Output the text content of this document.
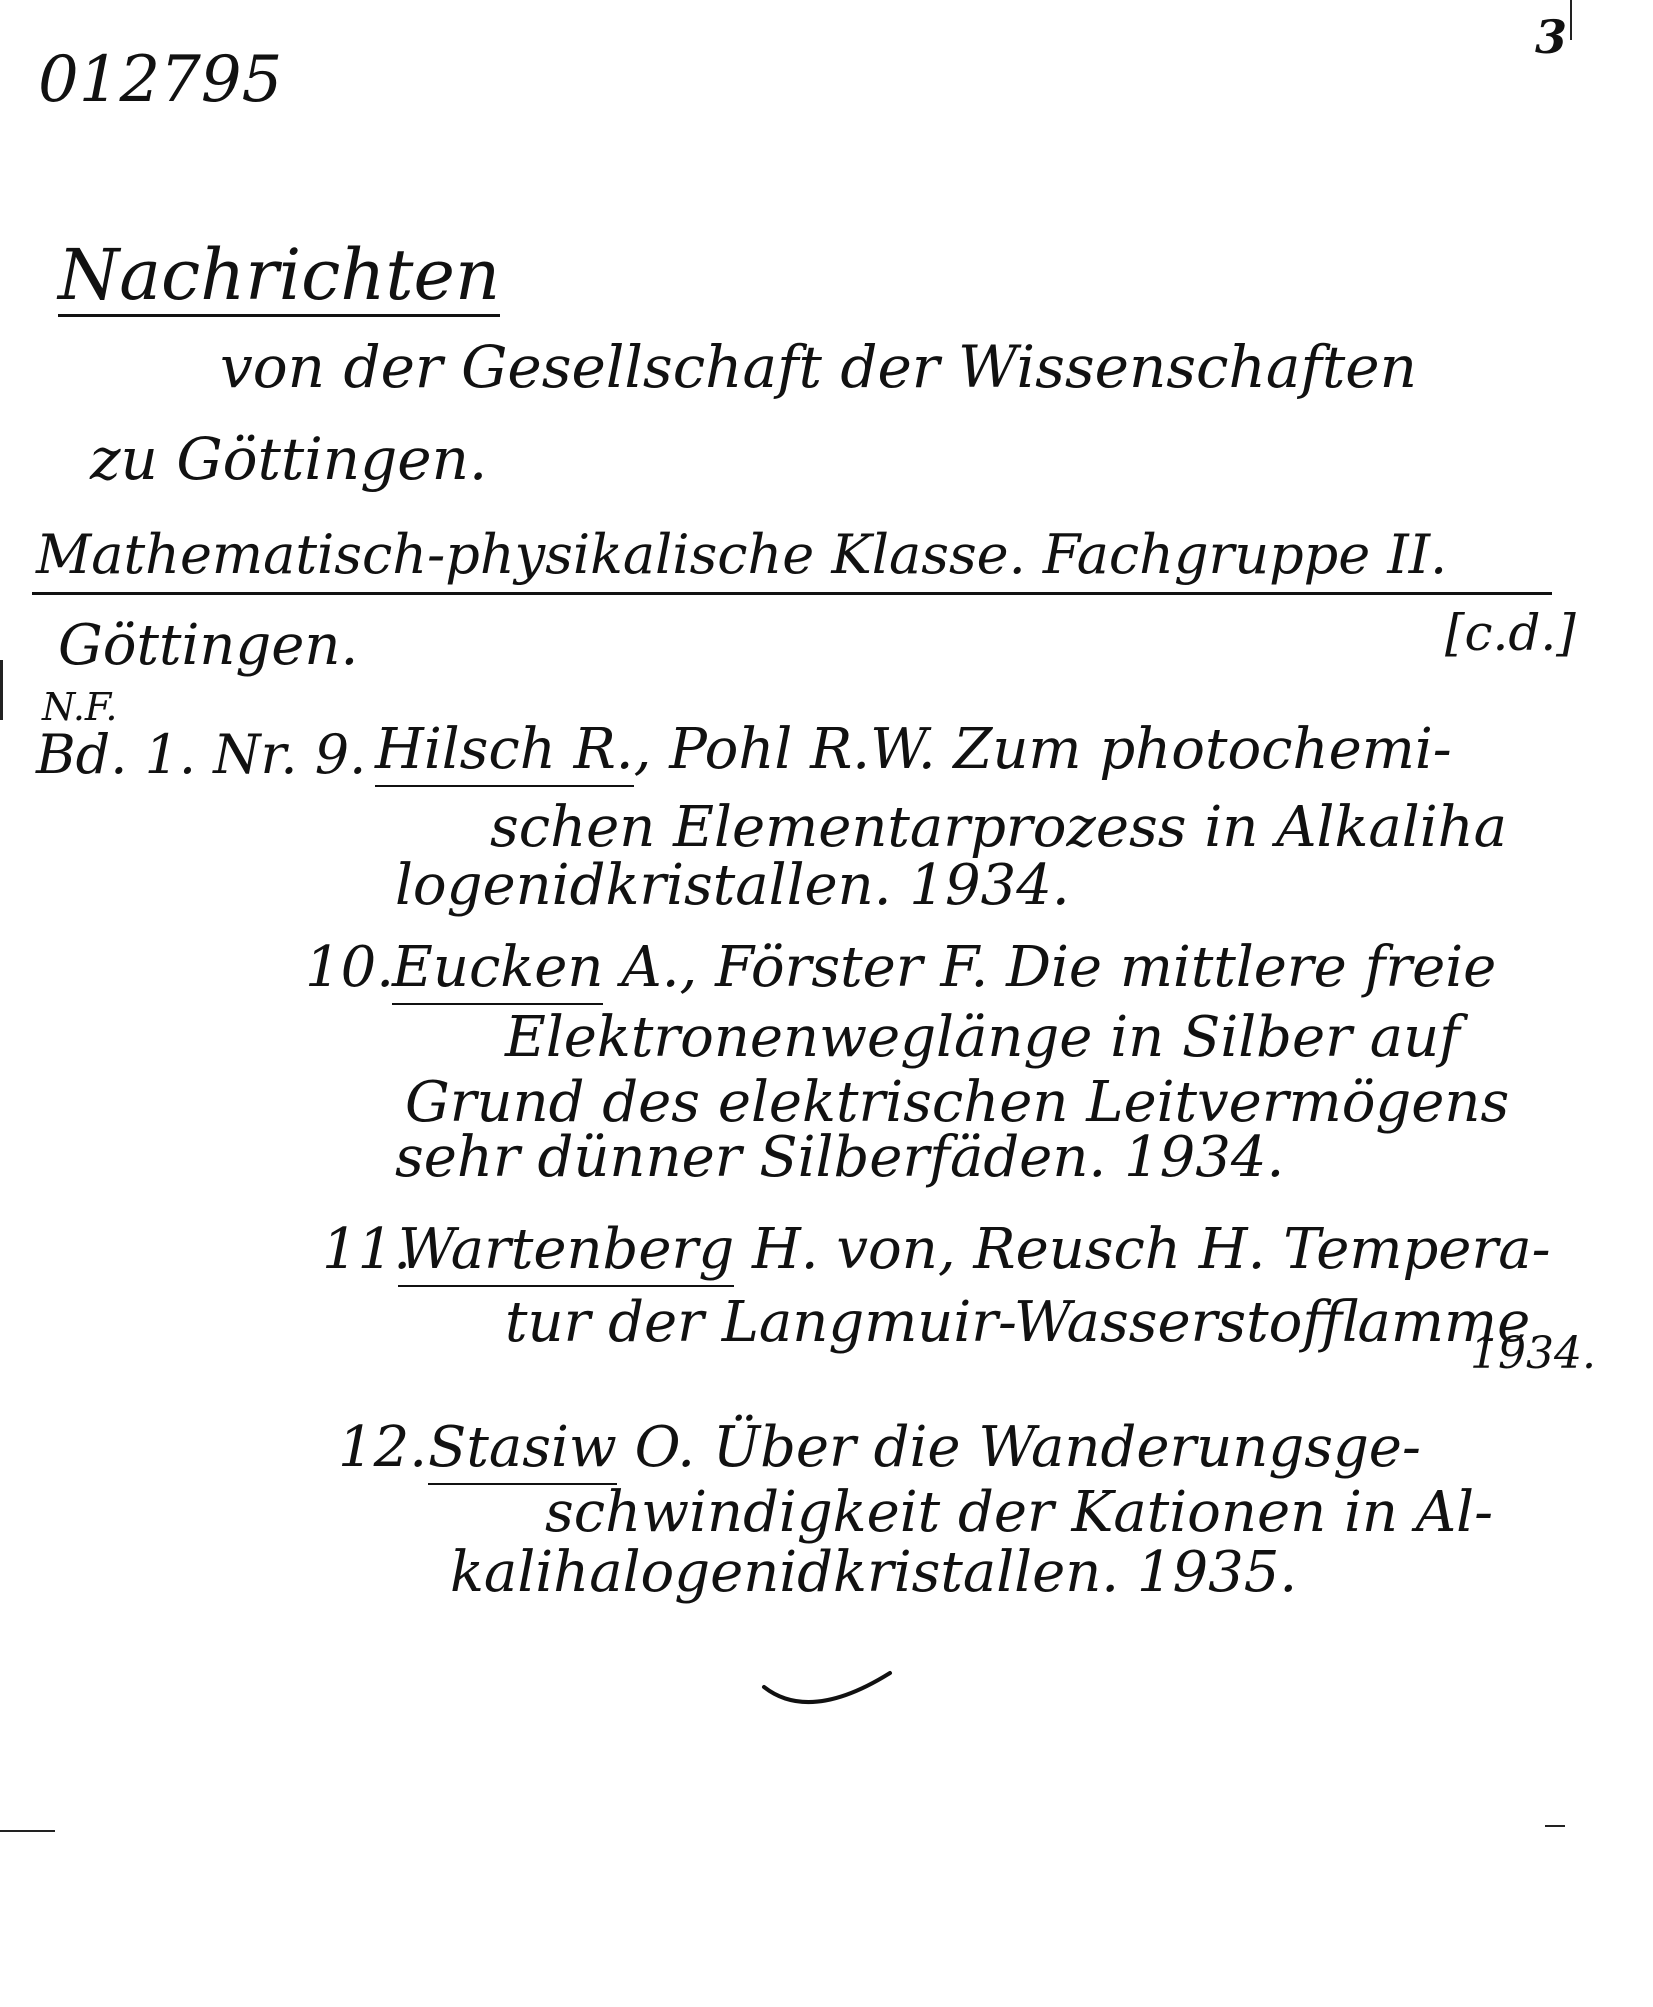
012795
3
Nachrichten
von der Gesellschaft der Wissenschaften
zu Göttingen.
Mathematisch-physikalische Klasse. Fachgruppe II.
Göttingen.	[c.d.]
N.F.
Bd. 1. Nr. 9. Hilsch R., Pohl R.W. Zum photochemi-
schen Elementarprozess in Alkaliha
logenidkristallen. 1934.
10.
Eucken A., Förster F. Die mittlere freie
Elektronenweglänge in Silber auf
Grund des elektrischen Leitvermögens
sehr dünner Silberfäden. 1934.
11.
Wartenberg H. von, Reusch H. Tempera-
tur der Langmuir-Wasserstofflamme
1934.
12. Stasiw O. Über die Wanderungsge-
schwindigkeit der Kationen in Al-
kalihalogenidkristallen. 1935.
